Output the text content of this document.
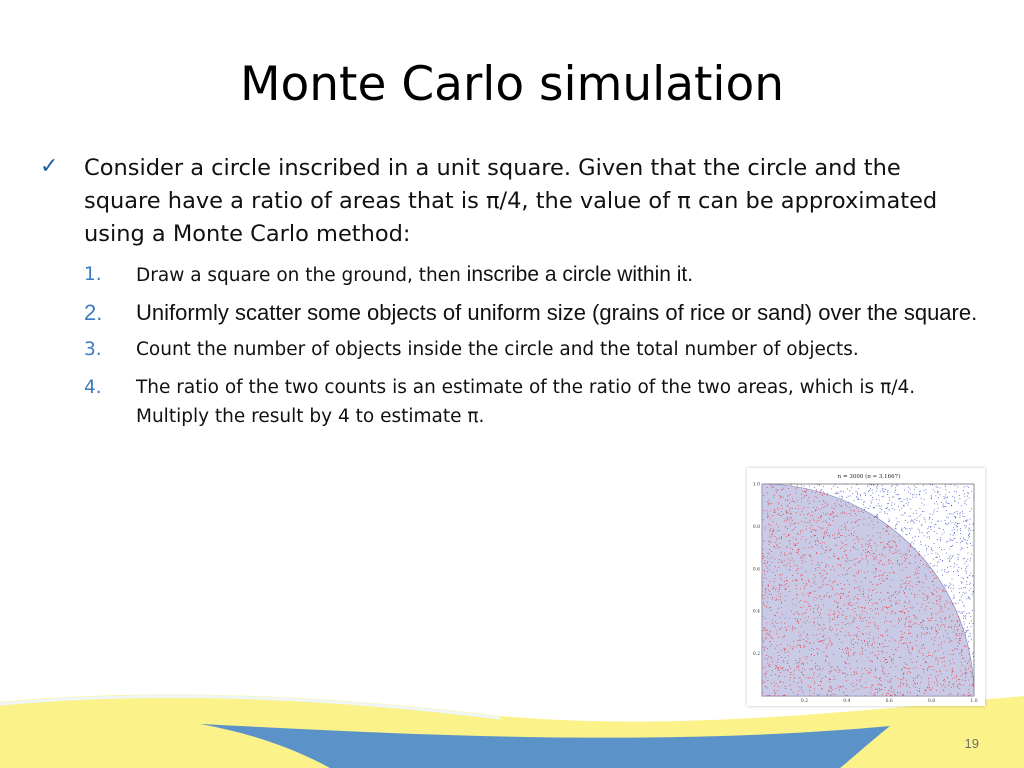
Monte Carlo simulation
✓	Consider a circle inscribed in a unit square. Given that the circle and the square have a ratio of areas that is π/4, the value of π can be approximated using a Monte Carlo method:
1.	Draw a square on the ground, then inscribe a circle within it.
2.	Uniformly scatter some objects of uniform size (grains of rice or sand) over the square.
3.	Count the number of objects inside the circle and the total number of objects.
4.	The ratio of the two counts is an estimate of the ratio of the two areas, which is π/4. Multiply the result by 4 to estimate π.
19
n = 3000 (π ≈ 3.1667)
0.2	0.4	0.6	0.8	1.0
0.2
0.4
0.6
0.8
1.0
